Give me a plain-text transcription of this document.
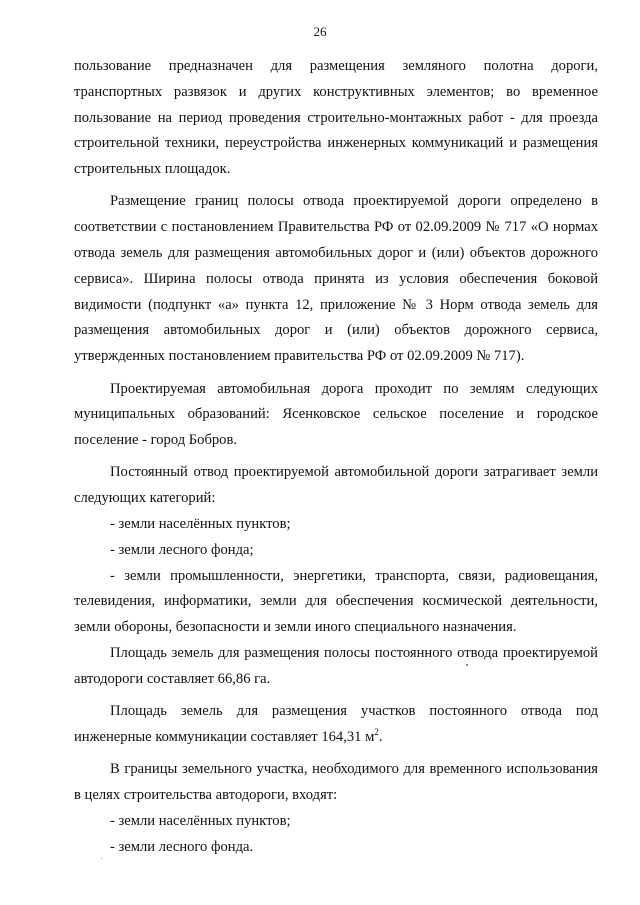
26

пользование предназначен для размещения земляного полотна дороги, транспортных развязок и других конструктивных элементов; во временное пользование на период проведения строительно-монтажных работ - для проезда строительной техники, переустройства инженерных коммуникаций и размещения строительных площадок.

Размещение границ полосы отвода проектируемой дороги определено в соответствии с постановлением Правительства РФ от 02.09.2009 № 717 «О нормах отвода земель для размещения автомобильных дорог и (или) объектов дорожного сервиса». Ширина полосы отвода принята из условия обеспечения боковой видимости (подпункт «а» пункта 12, приложение № 3 Норм отвода земель для размещения автомобильных дорог и (или) объектов дорожного сервиса, утвержденных постановлением правительства РФ от 02.09.2009 № 717).

Проектируемая автомобильная дорога проходит по землям следующих муниципальных образований: Ясенковское сельское поселение и городское поселение - город Бобров.

Постоянный отвод проектируемой автомобильной дороги затрагивает земли следующих категорий:

- земли населённых пунктов;

- земли лесного фонда;

- земли промышленности, энергетики, транспорта, связи, радиовещания, телевидения, информатики, земли для обеспечения космической деятельности, земли обороны, безопасности и земли иного специального назначения.

Площадь земель для размещения полосы постоянного отвода проектируемой автодороги составляет 66,86 га.

Площадь земель для размещения участков постоянного отвода под инженерные коммуникации составляет 164,31 $м^2$.

В границы земельного участка, необходимого для временного использования в целях строительства автодороги, входят:

- земли населённых пунктов;

- земли лесного фонда.
